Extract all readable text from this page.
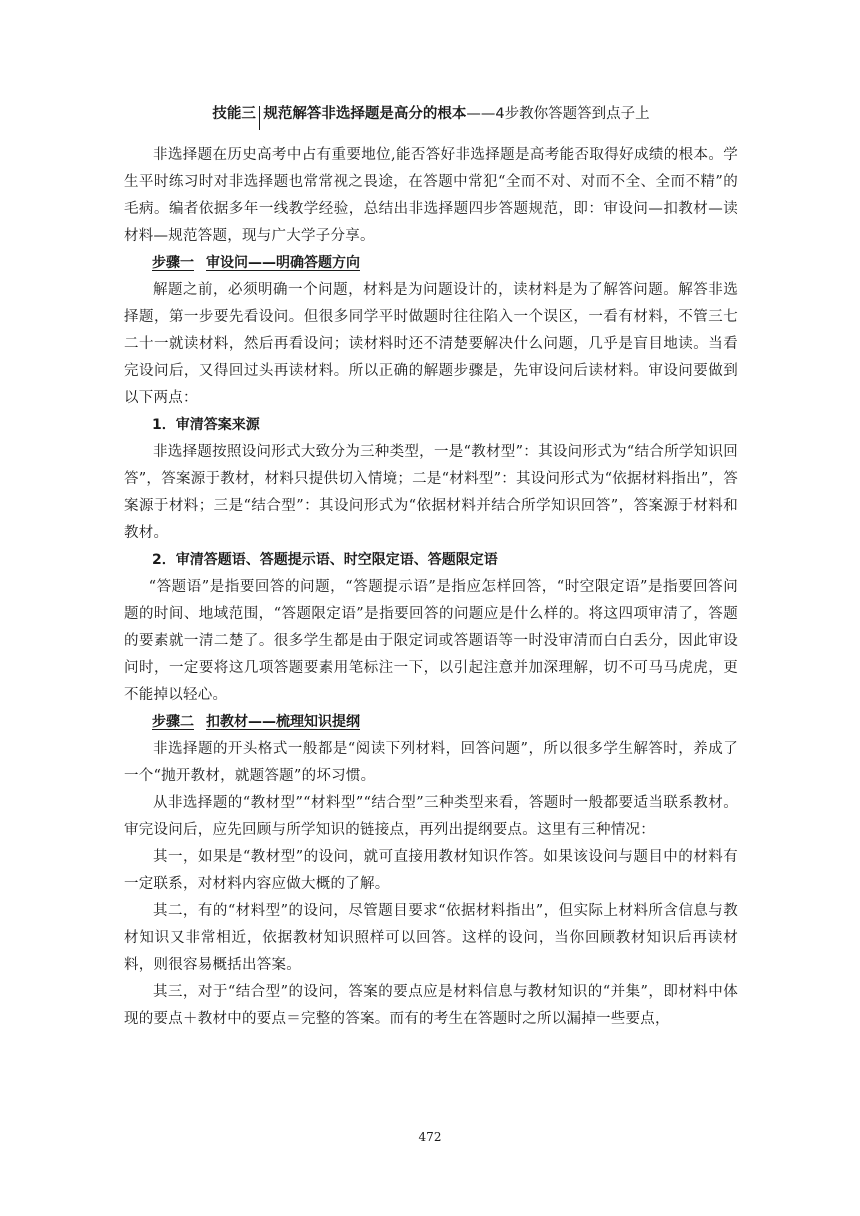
技能三 规范解答非选择题是高分的根本——4步教你答题答到点子上

非选择题在历史高考中占有重要地位,能否答好非选择题是高考能否取得好成绩的根本。学生平时练习时对非选择题也常常视之畏途，在答题中常犯“全而不对、对而不全、全而不精”的毛病。编者依据多年一线教学经验，总结出非选择题四步答题规范，即：审设问—扣教材—读材料—规范答题，现与广大学子分享。

步骤一 审设问——明确答题方向

解题之前，必须明确一个问题，材料是为问题设计的，读材料是为了解答问题。解答非选择题，第一步要先看设问。但很多同学平时做题时往往陷入一个误区，一看有材料，不管三七二十一就读材料，然后再看设问；读材料时还不清楚要解决什么问题，几乎是盲目地读。当看完设问后，又得回过头再读材料。所以正确的解题步骤是，先审设问后读材料。审设问要做到以下两点：

1．审清答案来源

非选择题按照设问形式大致分为三种类型，一是“教材型”：其设问形式为“结合所学知识回答”，答案源于教材，材料只提供切入情境；二是“材料型”：其设问形式为“依据材料指出”，答案源于材料；三是“结合型”：其设问形式为“依据材料并结合所学知识回答”，答案源于材料和教材。

2．审清答题语、答题提示语、时空限定语、答题限定语

“答题语”是指要回答的问题，“答题提示语”是指应怎样回答，“时空限定语”是指要回答问题的时间、地域范围，“答题限定语”是指要回答的问题应是什么样的。将这四项审清了，答题的要素就一清二楚了。很多学生都是由于限定词或答题语等一时没审清而白白丢分，因此审设问时，一定要将这几项答题要素用笔标注一下，以引起注意并加深理解，切不可马马虎虎，更不能掉以轻心。

步骤二 扣教材——梳理知识提纲

非选择题的开头格式一般都是“阅读下列材料，回答问题”，所以很多学生解答时，养成了一个“抛开教材，就题答题”的坏习惯。

从非选择题的“教材型”“材料型”“结合型”三种类型来看，答题时一般都要适当联系教材。审完设问后，应先回顾与所学知识的链接点，再列出提纲要点。这里有三种情况：

其一，如果是“教材型”的设问，就可直接用教材知识作答。如果该设问与题目中的材料有一定联系，对材料内容应做大概的了解。

其二，有的“材料型”的设问，尽管题目要求“依据材料指出”，但实际上材料所含信息与教材知识又非常相近，依据教材知识照样可以回答。这样的设问，当你回顾教材知识后再读材料，则很容易概括出答案。

其三，对于“结合型”的设问，答案的要点应是材料信息与教材知识的“并集”，即材料中体现的要点＋教材中的要点＝完整的答案。而有的考生在答题时之所以漏掉一些要点，

472
